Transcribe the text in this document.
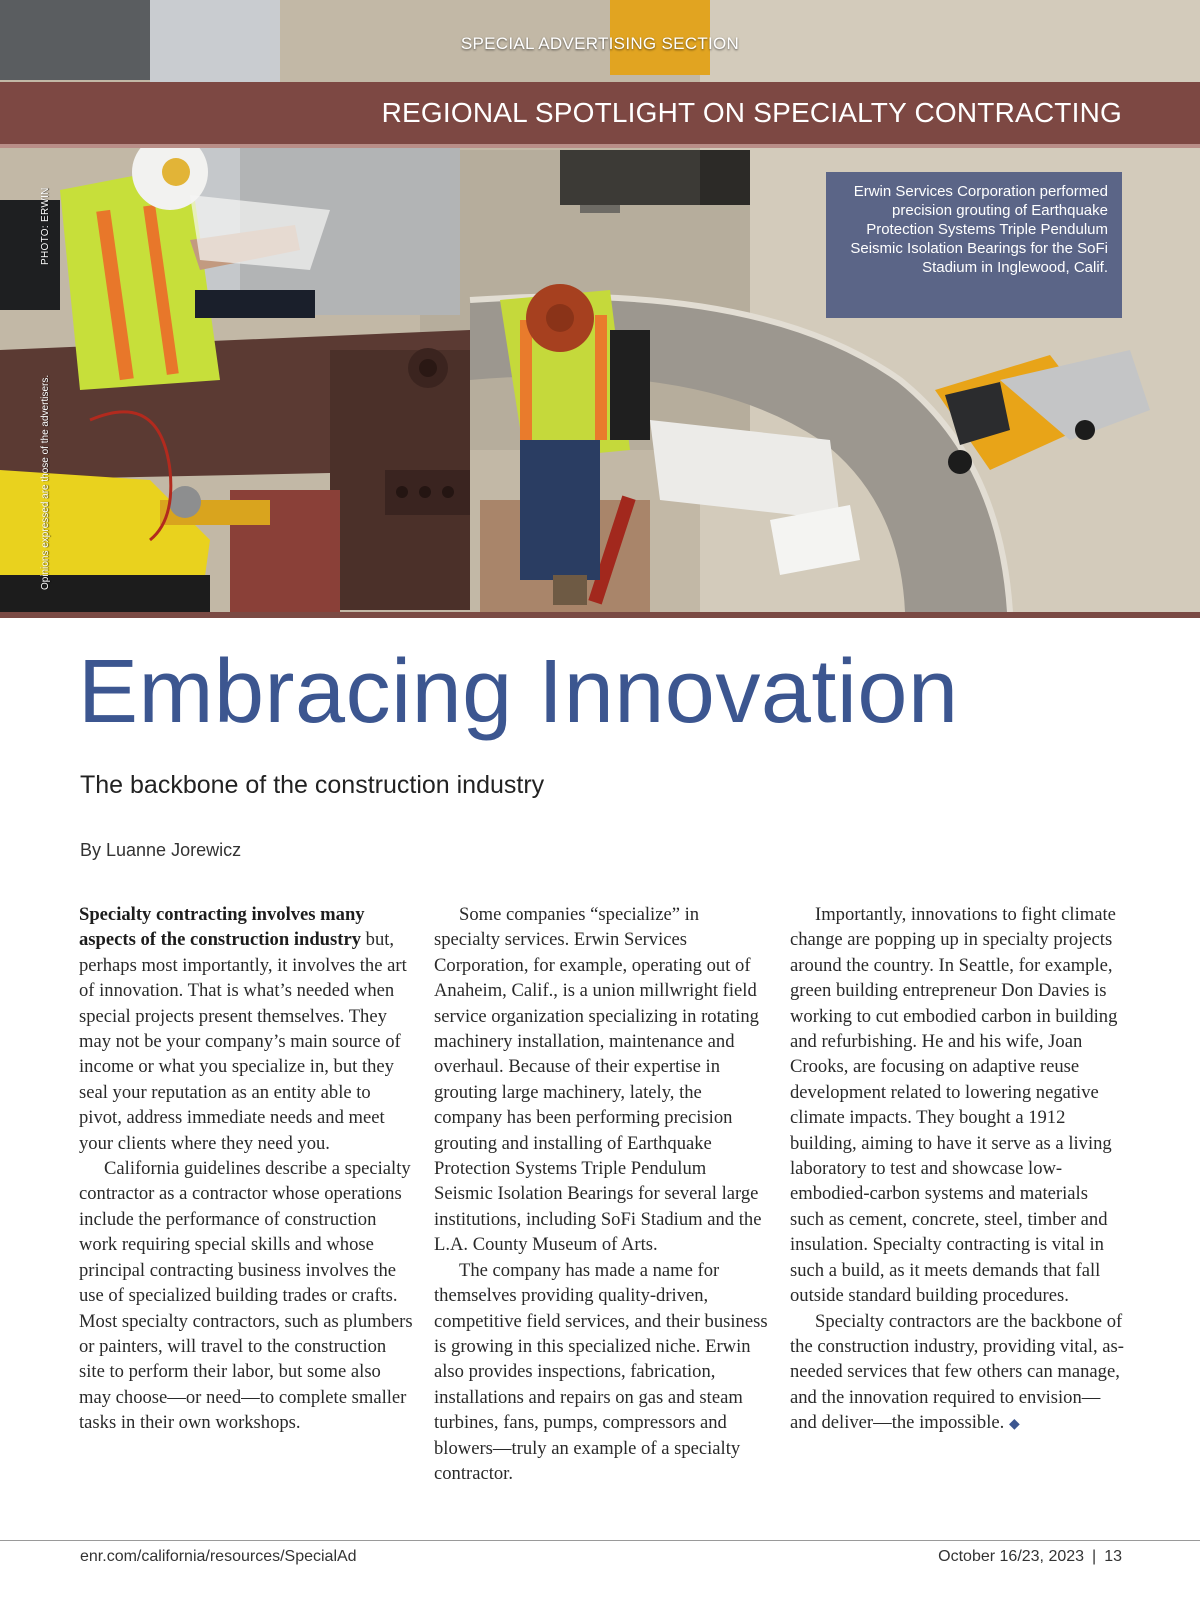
SPECIAL ADVERTISING SECTION
REGIONAL SPOTLIGHT ON SPECIALTY CONTRACTING

Erwin Services Corporation performed precision grouting of Earthquake Protection Systems Triple Pendulum Seismic Isolation Bearings for the SoFi Stadium in Inglewood, Calif.

PHOTO: ERWIN
Opinions expressed are those of the advertisers.
Embracing Innovation
The backbone of the construction industry
By Luanne Jorewicz

Specialty contracting involves many aspects of the construction industry but, perhaps most importantly, it involves the art of innovation. That is what’s needed when special projects present themselves. They may not be your company’s main source of income or what you specialize in, but they seal your reputation as an entity able to pivot, address immediate needs and meet your clients where they need you.

California guidelines describe a specialty contractor as a contractor whose operations include the performance of construction work requiring special skills and whose principal contracting business involves the use of specialized building trades or crafts. Most specialty contractors, such as plumbers or painters, will travel to the construction site to perform their labor, but some also may choose—or need—to complete smaller tasks in their own workshops.

Some companies “specialize” in specialty services. Erwin Services Corporation, for example, operating out of Anaheim, Calif., is a union millwright field service organization specializing in rotating machinery installation, maintenance and overhaul. Because of their expertise in grouting large machinery, lately, the company has been performing precision grouting and installing of Earthquake Protection Systems Triple Pendulum Seismic Isolation Bearings for several large institutions, including SoFi Stadium and the L.A. County Museum of Arts.

The company has made a name for themselves providing quality-driven, competitive field services, and their business is growing in this specialized niche. Erwin also provides inspections, fabrication, installations and repairs on gas and steam turbines, fans, pumps, compressors and blowers—truly an example of a specialty contractor.

Importantly, innovations to fight climate change are popping up in specialty projects around the country. In Seattle, for example, green building entrepreneur Don Davies is working to cut embodied carbon in building and refurbishing. He and his wife, Joan Crooks, are focusing on adaptive reuse development related to lowering negative climate impacts. They bought a 1912 building, aiming to have it serve as a living laboratory to test and showcase low-embodied-carbon systems and materials such as cement, concrete, steel, timber and insulation. Specialty contracting is vital in such a build, as it meets demands that fall outside standard building procedures.

Specialty contractors are the backbone of the construction industry, providing vital, as-needed services that few others can manage, and the innovation required to envision—and deliver—the impossible. ◆

enr.com/california/resources/SpecialAd	October 16/23, 2023 | 13
